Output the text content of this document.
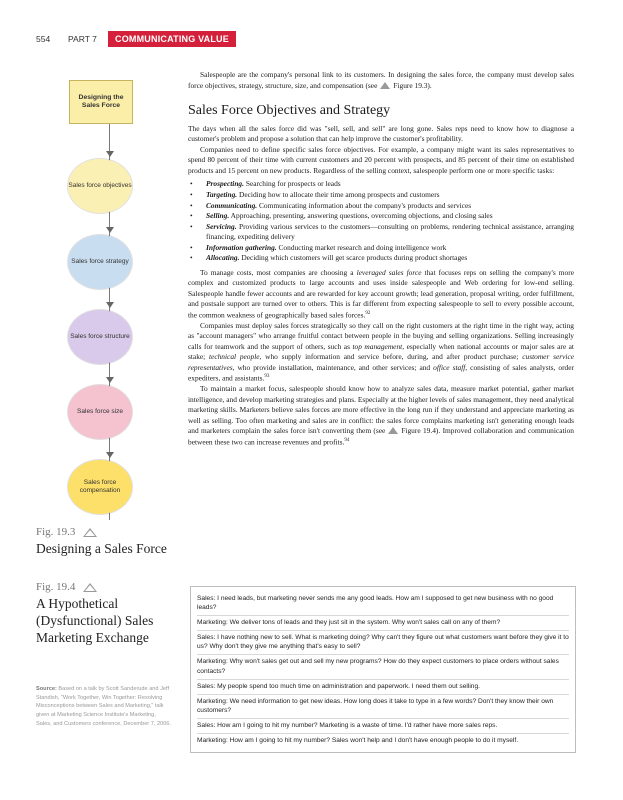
554	PART 7	COMMUNICATING VALUE
Designing the Sales Force
Sales force objectives
Sales force strategy
Sales force structure
Sales force size
Sales force compensation
Fig. 19.3
Designing a Sales Force
Fig. 19.4
A Hypothetical (Dysfunctional) Sales Marketing Exchange
Source: Based on a talk by Scott Sanderude and Jeff Standish, "Work Together, Win Together: Resolving Misconceptions between Sales and Marketing," talk given at Marketing Science Institute's Marketing, Sales, and Customers conference, December 7, 2006.

Salespeople are the company's personal link to its customers. In designing the sales force, the company must develop sales force objectives, strategy, structure, size, and compensation (see Figure 19.3).

Sales Force Objectives and Strategy

The days when all the sales force did was "sell, sell, and sell" are long gone. Sales reps need to know how to diagnose a customer's problem and propose a solution that can help improve the customer's profitability.

Companies need to define specific sales force objectives. For example, a company might want its sales representatives to spend 80 percent of their time with current customers and 20 percent with prospects, and 85 percent of their time on established products and 15 percent on new products. Regardless of the selling context, salespeople perform one or more specific tasks:

• Prospecting. Searching for prospects or leads
• Targeting. Deciding how to allocate their time among prospects and customers
• Communicating. Communicating information about the company's products and services
• Selling. Approaching, presenting, answering questions, overcoming objections, and closing sales
• Servicing. Providing various services to the customers—consulting on problems, rendering technical assistance, arranging financing, expediting delivery
• Information gathering. Conducting market research and doing intelligence work
• Allocating. Deciding which customers will get scarce products during product shortages

To manage costs, most companies are choosing a leveraged sales force that focuses reps on selling the company's more complex and customized products to large accounts and uses inside salespeople and Web ordering for low-end selling. Salespeople handle fewer accounts and are rewarded for key account growth; lead generation, proposal writing, order fulfillment, and postsale support are turned over to others. This is far different from expecting salespeople to sell to every possible account, the common weakness of geographically based sales forces.$^{92}$

Companies must deploy sales forces strategically so they call on the right customers at the right time in the right way, acting as "account managers" who arrange fruitful contact between people in the buying and selling organizations. Selling increasingly calls for teamwork and the support of others, such as top management, especially when national accounts or major sales are at stake; technical people, who supply information and service before, during, and after product purchase; customer service representatives, who provide installation, maintenance, and other services; and office staff, consisting of sales analysts, order expediters, and assistants.$^{93}$

To maintain a market focus, salespeople should know how to analyze sales data, measure market potential, gather market intelligence, and develop marketing strategies and plans. Especially at the higher levels of sales management, they need analytical marketing skills. Marketers believe sales forces are more effective in the long run if they understand and appreciate marketing as well as selling. Too often marketing and sales are in conflict: the sales force complains marketing isn't generating enough leads and marketers complain the sales force isn't converting them (see Figure 19.4). Improved collaboration and communication between these two can increase revenues and profits.$^{94}$

Sales: I need leads, but marketing never sends me any good leads. How am I supposed to get new business with no good leads?
Marketing: We deliver tons of leads and they just sit in the system. Why won't sales call on any of them?
Sales: I have nothing new to sell. What is marketing doing? Why can't they figure out what customers want before they give it to us? Why don't they give me anything that's easy to sell?
Marketing: Why won't sales get out and sell my new programs? How do they expect customers to place orders without sales contacts?
Sales: My people spend too much time on administration and paperwork. I need them out selling.
Marketing: We need information to get new ideas. How long does it take to type in a few words? Don't they know their own customers?
Sales: How am I going to hit my number? Marketing is a waste of time. I'd rather have more sales reps.
Marketing: How am I going to hit my number? Sales won't help and I don't have enough people to do it myself.
